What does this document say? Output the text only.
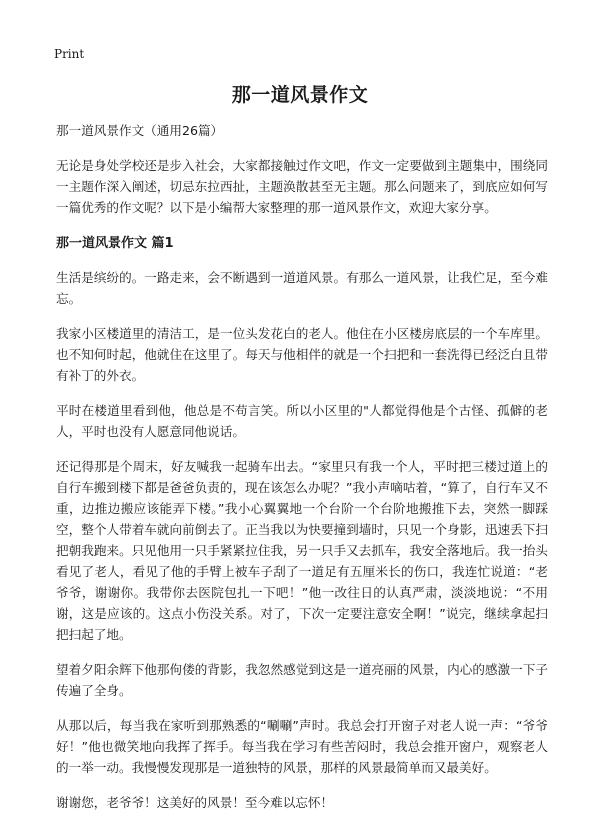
Print
那一道风景作文

那一道风景作文（通用26篇）

无论是身处学校还是步入社会，大家都接触过作文吧，作文一定要做到主题集中，围绕同一主题作深入阐述，切忌东拉西扯，主题涣散甚至无主题。那么问题来了，到底应如何写一篇优秀的作文呢？以下是小编帮大家整理的那一道风景作文，欢迎大家分享。

那一道风景作文 篇1

生活是缤纷的。一路走来，会不断遇到一道道风景。有那么一道风景，让我伫足，至今难忘。

我家小区楼道里的清洁工，是一位头发花白的老人。他住在小区楼房底层的一个车库里。也不知何时起，他就住在这里了。每天与他相伴的就是一个扫把和一套洗得已经泛白且带有补丁的外衣。

平时在楼道里看到他，他总是不苟言笑。所以小区里的"人都觉得他是个古怪、孤僻的老人，平时也没有人愿意同他说话。

还记得那是个周末，好友喊我一起骑车出去。“家里只有我一个人，平时把三楼过道上的自行车搬到楼下都是爸爸负责的，现在该怎么办呢？”我小声嘀咕着，“算了，自行车又不重，边推边搬应该能弄下楼。”我小心翼翼地一个台阶一个台阶地搬推下去，突然一脚踩空，整个人带着车就向前倒去了。正当我以为快要撞到墙时，只见一个身影，迅速丢下扫把朝我跑来。只见他用一只手紧紧拉住我，另一只手又去抓车，我安全落地后。我一抬头看见了老人，看见了他的手臂上被车子刮了一道足有五厘米长的伤口，我连忙说道：“老爷爷，谢谢你。我带你去医院包扎一下吧！”他一改往日的认真严肃，淡淡地说：“不用谢，这是应该的。这点小伤没关系。对了，下次一定要注意安全啊！”说完，继续拿起扫把扫起了地。

望着夕阳余辉下他那佝偻的背影，我忽然感觉到这是一道亮丽的风景，内心的感激一下子传遍了全身。

从那以后，每当我在家听到那熟悉的“唰唰”声时。我总会打开窗子对老人说一声：“爷爷好！”他也微笑地向我挥了挥手。每当我在学习有些苦闷时，我总会推开窗户，观察老人的一举一动。我慢慢发现那是一道独特的风景，那样的风景最简单而又最美好。

谢谢您，老爷爷！这美好的风景！至今难以忘怀！
